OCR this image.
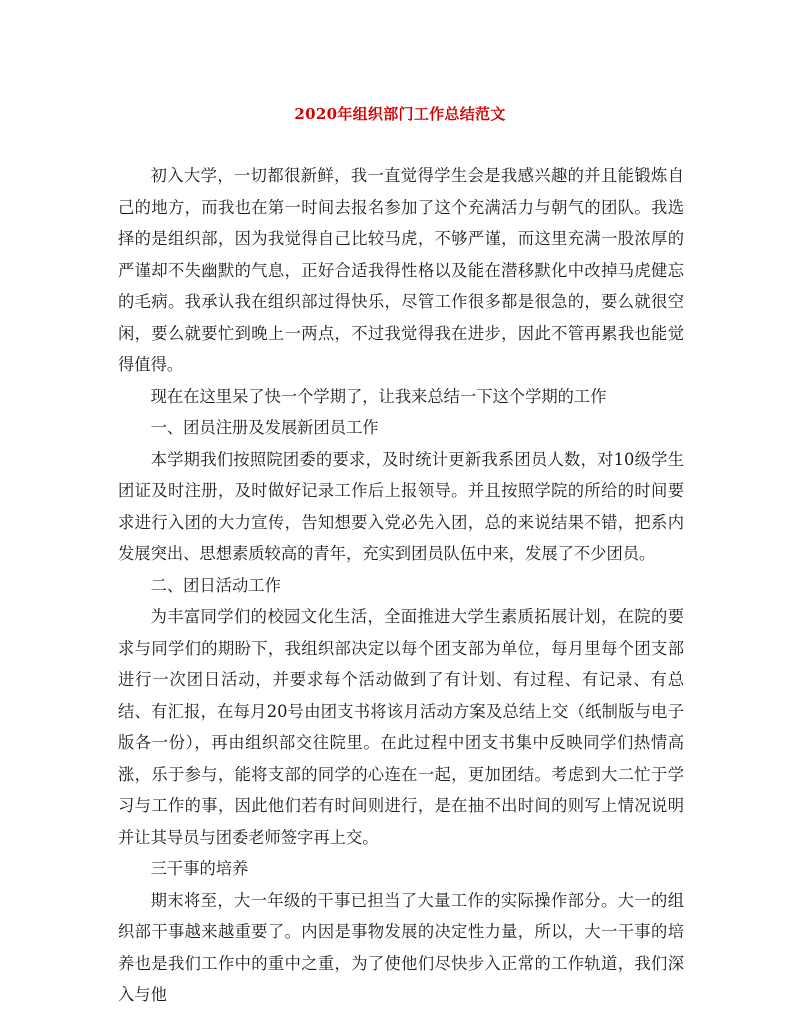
2020年组织部门工作总结范文

初入大学，一切都很新鲜，我一直觉得学生会是我感兴趣的并且能锻炼自己的地方，而我也在第一时间去报名参加了这个充满活力与朝气的团队。我选择的是组织部，因为我觉得自己比较马虎，不够严谨，而这里充满一股浓厚的严谨却不失幽默的气息，正好合适我得性格以及能在潜移默化中改掉马虎健忘的毛病。我承认我在组织部过得快乐，尽管工作很多都是很急的，要么就很空闲，要么就要忙到晚上一两点，不过我觉得我在进步，因此不管再累我也能觉得值得。

现在在这里呆了快一个学期了，让我来总结一下这个学期的工作

一、团员注册及发展新团员工作

本学期我们按照院团委的要求，及时统计更新我系团员人数，对10级学生团证及时注册，及时做好记录工作后上报领导。并且按照学院的所给的时间要求进行入团的大力宣传，告知想要入党必先入团，总的来说结果不错，把系内发展突出、思想素质较高的青年，充实到团员队伍中来，发展了不少团员。

二、团日活动工作

为丰富同学们的校园文化生活，全面推进大学生素质拓展计划，在院的要求与同学们的期盼下，我组织部决定以每个团支部为单位，每月里每个团支部进行一次团日活动，并要求每个活动做到了有计划、有过程、有记录、有总结、有汇报，在每月20号由团支书将该月活动方案及总结上交（纸制版与电子版各一份），再由组织部交往院里。在此过程中团支书集中反映同学们热情高涨，乐于参与，能将支部的同学的心连在一起，更加团结。考虑到大二忙于学习与工作的事，因此他们若有时间则进行，是在抽不出时间的则写上情况说明并让其导员与团委老师签字再上交。

三干事的培养

期末将至，大一年级的干事已担当了大量工作的实际操作部分。大一的组织部干事越来越重要了。内因是事物发展的决定性力量，所以，大一干事的培养也是我们工作中的重中之重，为了使他们尽快步入正常的工作轨道，我们深入与他
